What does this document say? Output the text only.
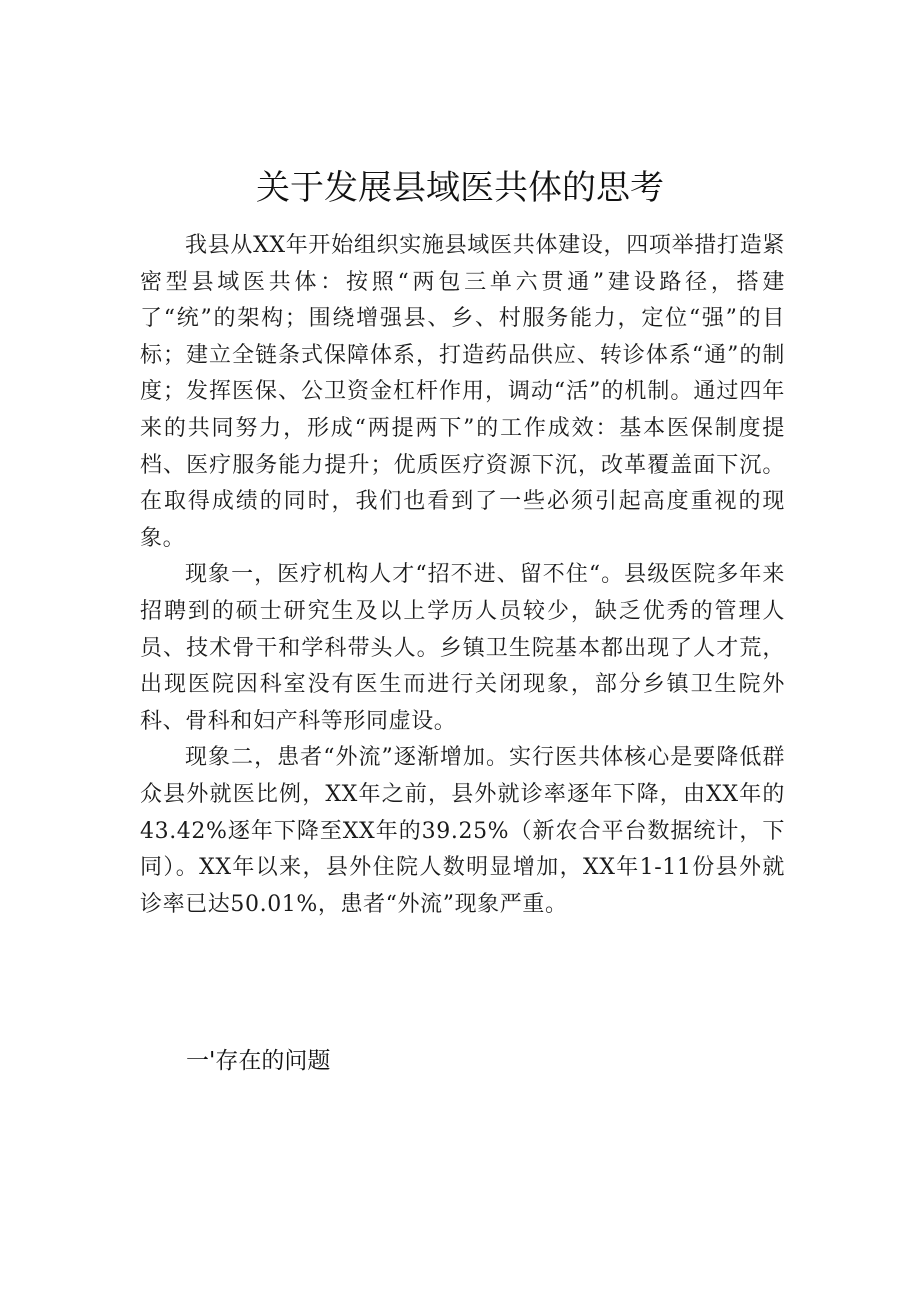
关于发展县域医共体的思考

我县从XX年开始组织实施县域医共体建设，四项举措打造紧密型县域医共体：按照“两包三单六贯通”建设路径，搭建了“统”的架构；围绕增强县、乡、村服务能力，定位“强”的目标；建立全链条式保障体系，打造药品供应、转诊体系“通”的制度；发挥医保、公卫资金杠杆作用，调动“活”的机制。通过四年来的共同努力，形成“两提两下”的工作成效：基本医保制度提档、医疗服务能力提升；优质医疗资源下沉，改革覆盖面下沉。在取得成绩的同时，我们也看到了一些必须引起高度重视的现象。

现象一，医疗机构人才“招不进、留不住“。县级医院多年来招聘到的硕士研究生及以上学历人员较少，缺乏优秀的管理人员、技术骨干和学科带头人。乡镇卫生院基本都出现了人才荒，出现医院因科室没有医生而进行关闭现象，部分乡镇卫生院外科、骨科和妇产科等形同虚设。

现象二，患者“外流”逐渐增加。实行医共体核心是要降低群众县外就医比例，XX年之前，县外就诊率逐年下降，由XX年的43.42%逐年下降至XX年的39.25%（新农合平台数据统计，下同）。XX年以来，县外住院人数明显增加，XX年1-11份县外就诊率已达50.01%，患者“外流”现象严重。

一'存在的问题
